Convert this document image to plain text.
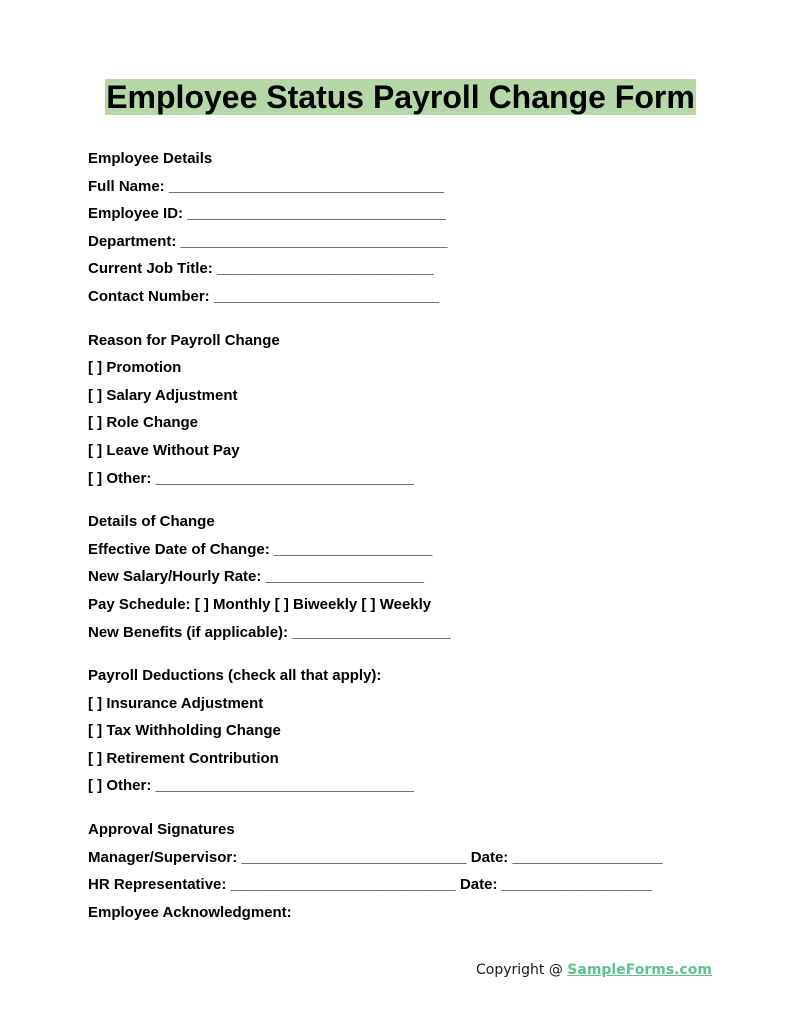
Employee Status Payroll Change Form
Employee Details
Full Name: _________________________________
Employee ID: _______________________________
Department: ________________________________
Current Job Title: __________________________
Contact Number: ___________________________
Reason for Payroll Change
[ ] Promotion
[ ] Salary Adjustment
[ ] Role Change
[ ] Leave Without Pay
[ ] Other: _______________________________
Details of Change
Effective Date of Change: ___________________
New Salary/Hourly Rate: ___________________
Pay Schedule: [ ] Monthly [ ] Biweekly [ ] Weekly
New Benefits (if applicable): ___________________
Payroll Deductions (check all that apply):
[ ] Insurance Adjustment
[ ] Tax Withholding Change
[ ] Retirement Contribution
[ ] Other: _______________________________
Approval Signatures
Manager/Supervisor: ___________________________ Date: __________________
HR Representative: ___________________________ Date: __________________
Employee Acknowledgment:
Copyright @ SampleForms.com
